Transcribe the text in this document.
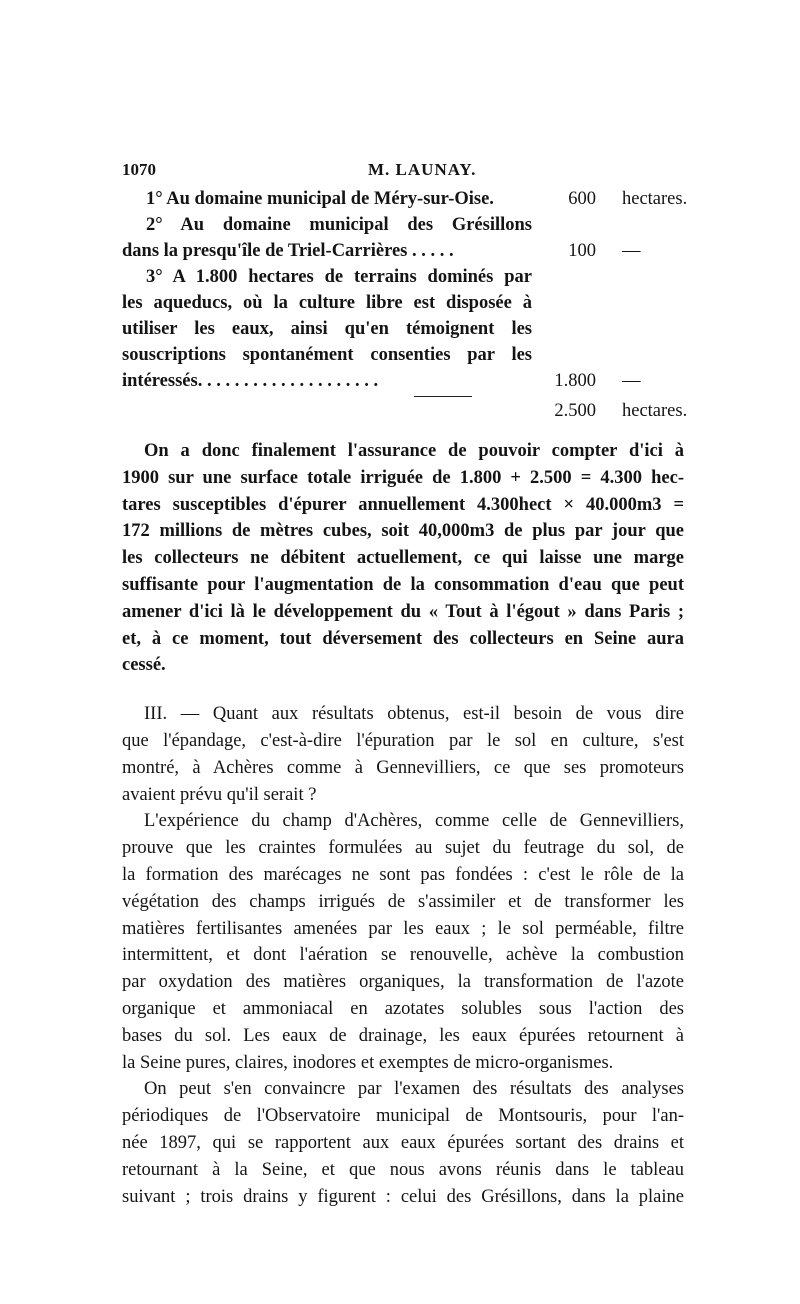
1070	M. LAUNAY.
1° Au domaine municipal de Méry-sur-Oise.	600 hectares.
2° Au domaine municipal des Grésillons
dans la presqu'île de Triel-Carrières . . . . .	100 —
3° A 1.800 hectares de terrains dominés par
les aqueducs, où la culture libre est disposée à
utiliser les eaux, ainsi qu'en témoignent les
souscriptions spontanément consenties par les
intéressés. . . . . . . . . . . . . . . . . . . .	1.800 —
2.500 hectares.
On a donc finalement l'assurance de pouvoir compter d'ici à
1900 sur une surface totale irriguée de 1.800 + 2.500 = 4.300 hec-
tares susceptibles d'épurer annuellement 4.300hect × 40.000m3 =
172 millions de mètres cubes, soit 40,000m3 de plus par jour que
les collecteurs ne débitent actuellement, ce qui laisse une marge
suffisante pour l'augmentation de la consommation d'eau que peut
amener d'ici là le développement du « Tout à l'égout » dans Paris ;
et, à ce moment, tout déversement des collecteurs en Seine aura
cessé.
III. — Quant aux résultats obtenus, est-il besoin de vous dire
que l'épandage, c'est-à-dire l'épuration par le sol en culture, s'est
montré, à Achères comme à Gennevilliers, ce que ses promoteurs
avaient prévu qu'il serait ?
L'expérience du champ d'Achères, comme celle de Gennevilliers,
prouve que les craintes formulées au sujet du feutrage du sol, de
la formation des marécages ne sont pas fondées : c'est le rôle de la
végétation des champs irrigués de s'assimiler et de transformer les
matières fertilisantes amenées par les eaux ; le sol perméable, filtre
intermittent, et dont l'aération se renouvelle, achève la combustion
par oxydation des matières organiques, la transformation de l'azote
organique et ammoniacal en azotates solubles sous l'action des
bases du sol. Les eaux de drainage, les eaux épurées retournent à
la Seine pures, claires, inodores et exemptes de micro-organismes.
On peut s'en convaincre par l'examen des résultats des analyses
périodiques de l'Observatoire municipal de Montsouris, pour l'an-
née 1897, qui se rapportent aux eaux épurées sortant des drains et
retournant à la Seine, et que nous avons réunis dans le tableau
suivant ; trois drains y figurent : celui des Grésillons, dans la plaine
